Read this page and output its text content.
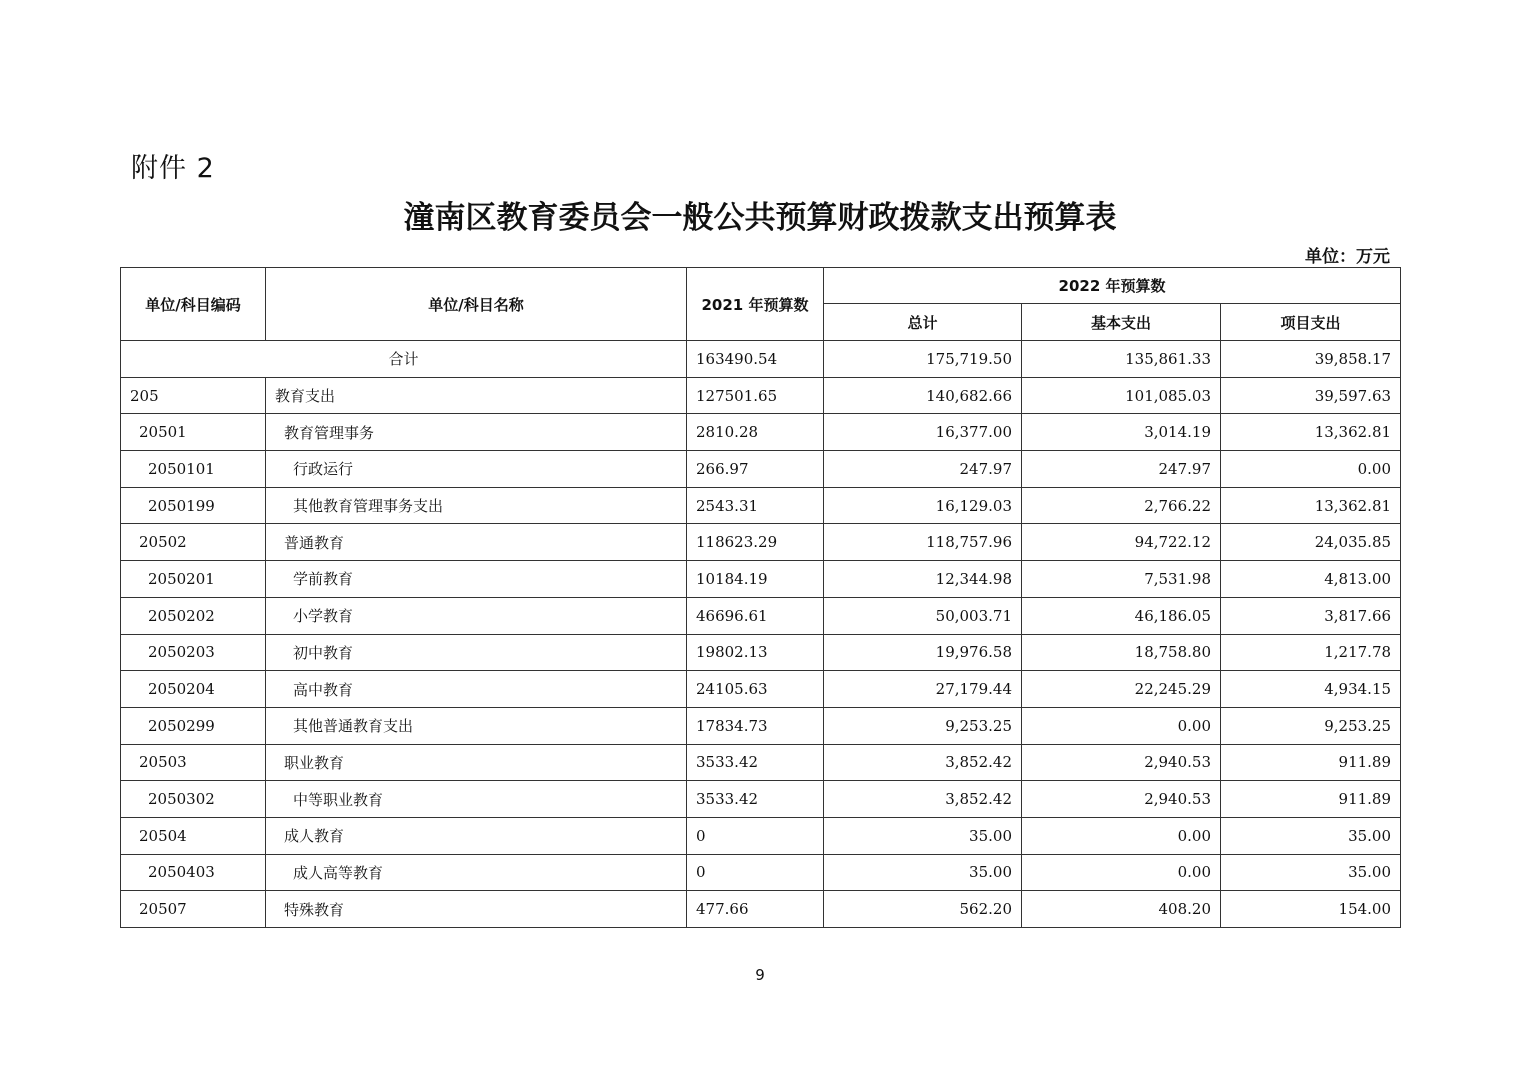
附件 2
潼南区教育委员会一般公共预算财政拨款支出预算表
单位：万元
单位/科目编码	单位/科目名称	2021 年预算数	2022 年预算数		
			总计	基本支出	项目支出
合计		163490.54	175,719.50	135,861.33	39,858.17
205	教育支出	127501.65	140,682.66	101,085.03	39,597.63
20501	教育管理事务	2810.28	16,377.00	3,014.19	13,362.81
2050101	行政运行	266.97	247.97	247.97	0.00
2050199	其他教育管理事务支出	2543.31	16,129.03	2,766.22	13,362.81
20502	普通教育	118623.29	118,757.96	94,722.12	24,035.85
2050201	学前教育	10184.19	12,344.98	7,531.98	4,813.00
2050202	小学教育	46696.61	50,003.71	46,186.05	3,817.66
2050203	初中教育	19802.13	19,976.58	18,758.80	1,217.78
2050204	高中教育	24105.63	27,179.44	22,245.29	4,934.15
2050299	其他普通教育支出	17834.73	9,253.25	0.00	9,253.25
20503	职业教育	3533.42	3,852.42	2,940.53	911.89
2050302	中等职业教育	3533.42	3,852.42	2,940.53	911.89
20504	成人教育	0	35.00	0.00	35.00
2050403	成人高等教育	0	35.00	0.00	35.00
20507	特殊教育	477.66	562.20	408.20	154.00
9
